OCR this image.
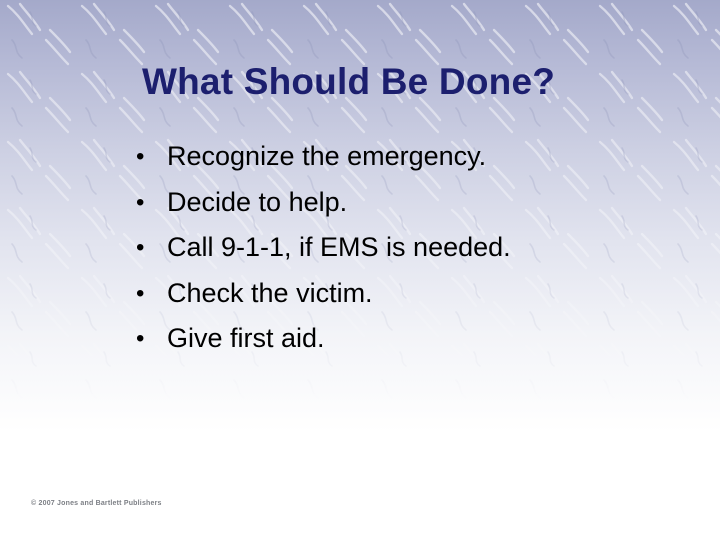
What Should Be Done?
• Recognize the emergency.
• Decide to help.
• Call 9-1-1, if EMS is needed.
• Check the victim.
• Give first aid.
© 2007 Jones and Bartlett Publishers
